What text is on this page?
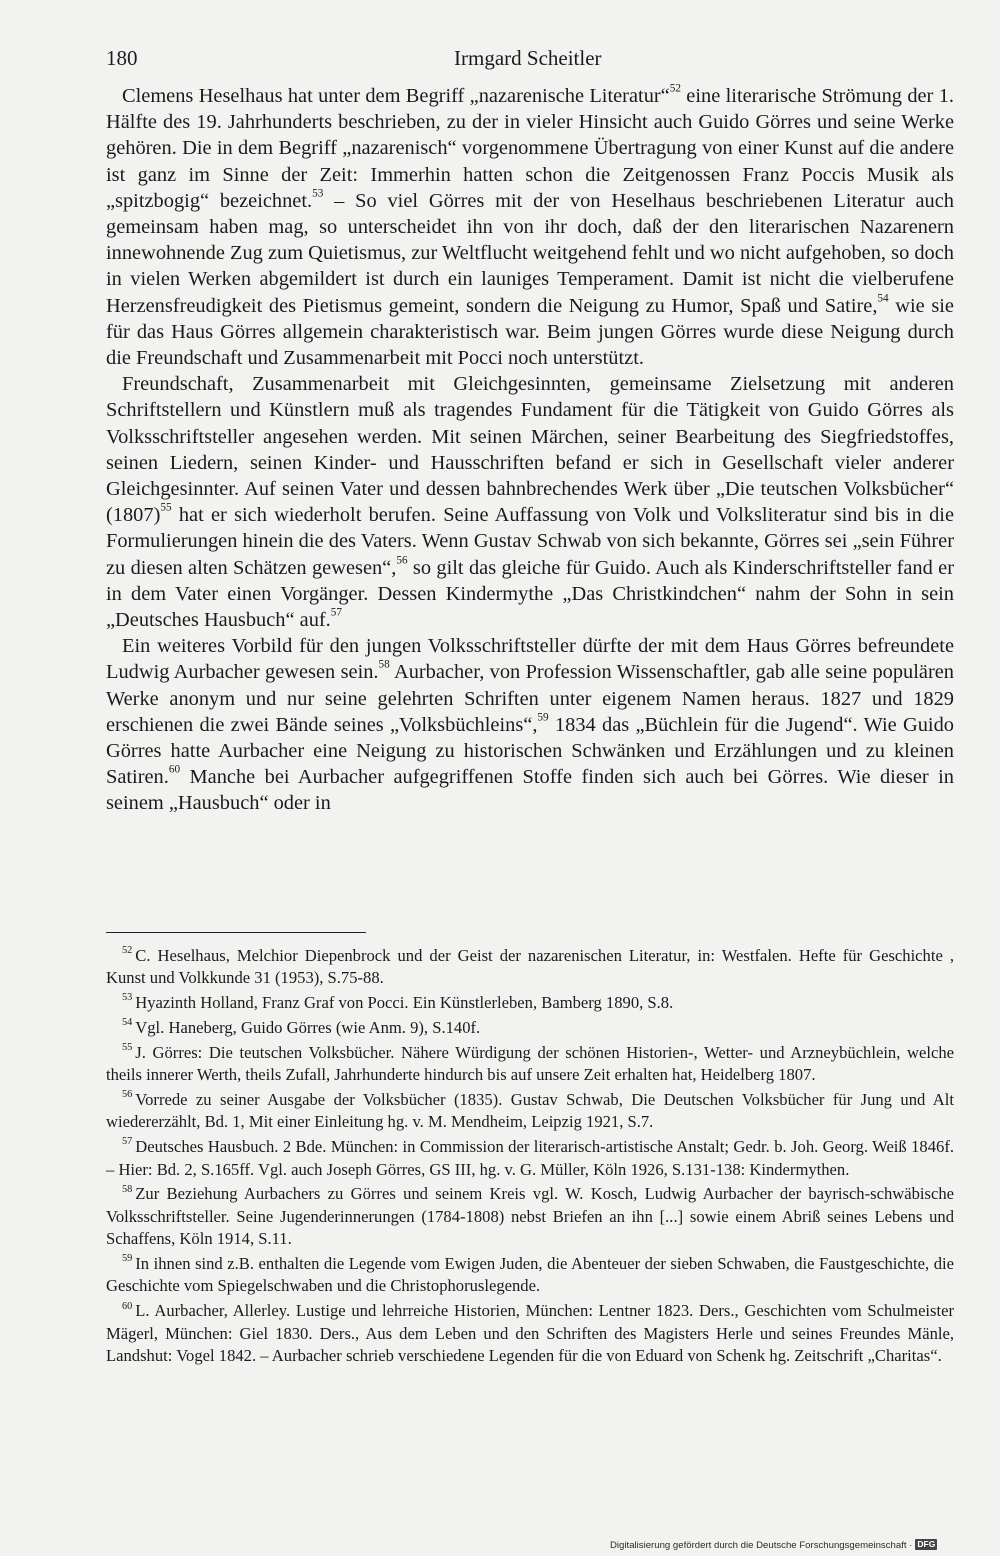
180	Irmgard Scheitler

Clemens Heselhaus hat unter dem Begriff „nazarenische Literatur“$^{52}$ eine literarische Strömung der 1. Hälfte des 19. Jahrhunderts beschrieben, zu der in vieler Hinsicht auch Guido Görres und seine Werke gehören. Die in dem Begriff „nazarenisch“ vorgenommene Übertragung von einer Kunst auf die andere ist ganz im Sinne der Zeit: Immerhin hatten schon die Zeitgenossen Franz Poccis Musik als „spitzbogig“ bezeichnet.$^{53}$ – So viel Görres mit der von Heselhaus beschriebenen Literatur auch gemeinsam haben mag, so unterscheidet ihn von ihr doch, daß der den literarischen Nazarenern innewohnende Zug zum Quietismus, zur Weltflucht weitgehend fehlt und wo nicht aufgehoben, so doch in vielen Werken abgemildert ist durch ein launiges Temperament. Damit ist nicht die vielberufene Herzensfreudigkeit des Pietismus gemeint, sondern die Neigung zu Humor, Spaß und Satire,$^{54}$ wie sie für das Haus Görres allgemein charakteristisch war. Beim jungen Görres wurde diese Neigung durch die Freundschaft und Zusammenarbeit mit Pocci noch unterstützt.

Freundschaft, Zusammenarbeit mit Gleichgesinnten, gemeinsame Zielsetzung mit anderen Schriftstellern und Künstlern muß als tragendes Fundament für die Tätigkeit von Guido Görres als Volksschriftsteller angesehen werden. Mit seinen Märchen, seiner Bearbeitung des Siegfriedstoffes, seinen Liedern, seinen Kinder- und Hausschriften befand er sich in Gesellschaft vieler anderer Gleichgesinnter. Auf seinen Vater und dessen bahnbrechendes Werk über „Die teutschen Volksbücher“ $(1807)^{55}$ hat er sich wiederholt berufen. Seine Auffassung von Volk und Volksliteratur sind bis in die Formulierungen hinein die des Vaters. Wenn Gustav Schwab von sich bekannte, Görres sei „sein Führer zu diesen alten Schätzen gewesen“,$^{56}$ so gilt das gleiche für Guido. Auch als Kinderschriftsteller fand er in dem Vater einen Vorgänger. Dessen Kindermythe „Das Christkindchen“ nahm der Sohn in sein „Deutsches Hausbuch“ auf.$^{57}$

Ein weiteres Vorbild für den jungen Volksschriftsteller dürfte der mit dem Haus Görres befreundete Ludwig Aurbacher gewesen sein.$^{58}$ Aurbacher, von Profession Wissenschaftler, gab alle seine populären Werke anonym und nur seine gelehrten Schriften unter eigenem Namen heraus. 1827 und 1829 erschienen die zwei Bände seines „Volksbüchleins“,$^{59}$ 1834 das „Büchlein für die Jugend“. Wie Guido Görres hatte Aurbacher eine Neigung zu historischen Schwänken und Erzählungen und zu kleinen Satiren.$^{60}$ Manche bei Aurbacher aufgegriffenen Stoffe finden sich auch bei Görres. Wie dieser in seinem „Hausbuch“ oder in

$^{52}$ C. Heselhaus, Melchior Diepenbrock und der Geist der nazarenischen Literatur, in: Westfalen. Hefte für Geschichte , Kunst und Volkkunde 31 (1953), S.75-88.

$^{53}$ Hyazinth Holland, Franz Graf von Pocci. Ein Künstlerleben, Bamberg 1890, S.8.

$^{54}$ Vgl. Haneberg, Guido Görres (wie Anm. 9), S.140f.

$^{55}$ J. Görres: Die teutschen Volksbücher. Nähere Würdigung der schönen Historien-, Wetter- und Arzneybüchlein, welche theils innerer Werth, theils Zufall, Jahrhunderte hindurch bis auf unsere Zeit erhalten hat, Heidelberg 1807.

$^{56}$ Vorrede zu seiner Ausgabe der Volksbücher (1835). Gustav Schwab, Die Deutschen Volksbücher für Jung und Alt wiedererzählt, Bd. 1, Mit einer Einleitung hg. v. M. Mendheim, Leipzig 1921, S.7.

$^{57}$ Deutsches Hausbuch. 2 Bde. München: in Commission der literarisch-artistische Anstalt; Gedr. b. Joh. Georg. Weiß 1846f. – Hier: Bd. 2, S.165ff. Vgl. auch Joseph Görres, GS III, hg. v. G. Müller, Köln 1926, S.131-138: Kindermythen.

$^{58}$ Zur Beziehung Aurbachers zu Görres und seinem Kreis vgl. W. Kosch, Ludwig Aurbacher der bayrisch-schwäbische Volksschriftsteller. Seine Jugenderinnerungen (1784-1808) nebst Briefen an ihn [...] sowie einem Abriß seines Lebens und Schaffens, Köln 1914, S.11.

$^{59}$ In ihnen sind z.B. enthalten die Legende vom Ewigen Juden, die Abenteuer der sieben Schwaben, die Faustgeschichte, die Geschichte vom Spiegelschwaben und die Christophoruslegende.

$^{60}$ L. Aurbacher, Allerley. Lustige und lehrreiche Historien, München: Lentner 1823. Ders., Geschichten vom Schulmeister Mägerl, München: Giel 1830. Ders., Aus dem Leben und den Schriften des Magisters Herle und seines Freundes Mänle, Landshut: Vogel 1842. – Aurbacher schrieb verschiedene Legenden für die von Eduard von Schenk hg. Zeitschrift „Charitas“.

Digitalisierung gefördert durch die Deutsche Forschungsgemeinschaft · DFG
